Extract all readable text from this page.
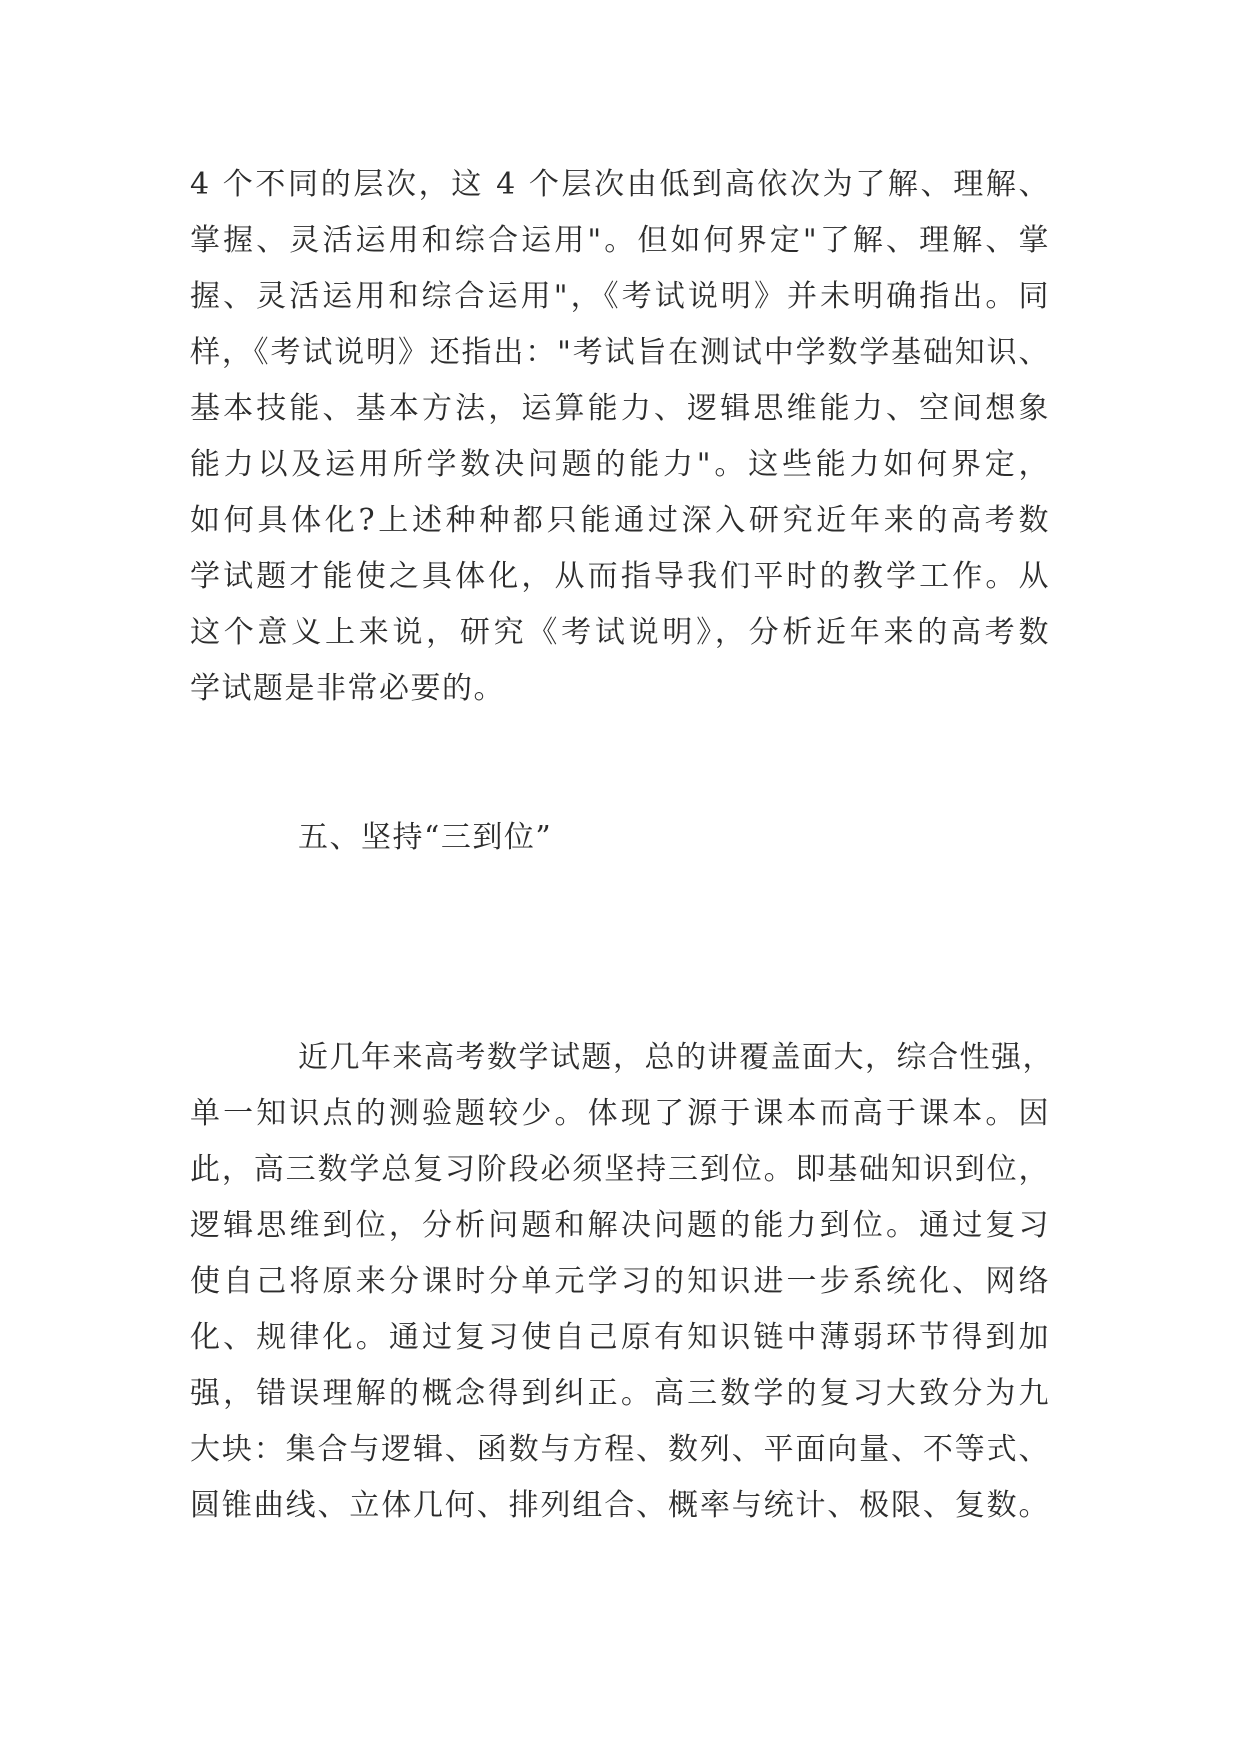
4 个不同的层次，这 4 个层次由低到高依次为了解、理解、
掌握、灵活运用和综合运用"。但如何界定"了解、理解、掌
握、灵活运用和综合运用"，《考试说明》并未明确指出。同
样，《考试说明》还指出："考试旨在测试中学数学基础知识、
基本技能、基本方法，运算能力、逻辑思维能力、空间想象
能力以及运用所学数决问题的能力"。这些能力如何界定，
如何具体化?上述种种都只能通过深入研究近年来的高考数
学试题才能使之具体化，从而指导我们平时的教学工作。从
这个意义上来说，研究《考试说明》，分析近年来的高考数
学试题是非常必要的。
五、坚持“三到位”
近几年来高考数学试题，总的讲覆盖面大，综合性强，
单一知识点的测验题较少。体现了源于课本而高于课本。因
此，高三数学总复习阶段必须坚持三到位。即基础知识到位，
逻辑思维到位，分析问题和解决问题的能力到位。通过复习
使自己将原来分课时分单元学习的知识进一步系统化、网络
化、规律化。通过复习使自己原有知识链中薄弱环节得到加
强，错误理解的概念得到纠正。高三数学的复习大致分为九
大块：集合与逻辑、函数与方程、数列、平面向量、不等式、
圆锥曲线、立体几何、排列组合、概率与统计、极限、复数。
